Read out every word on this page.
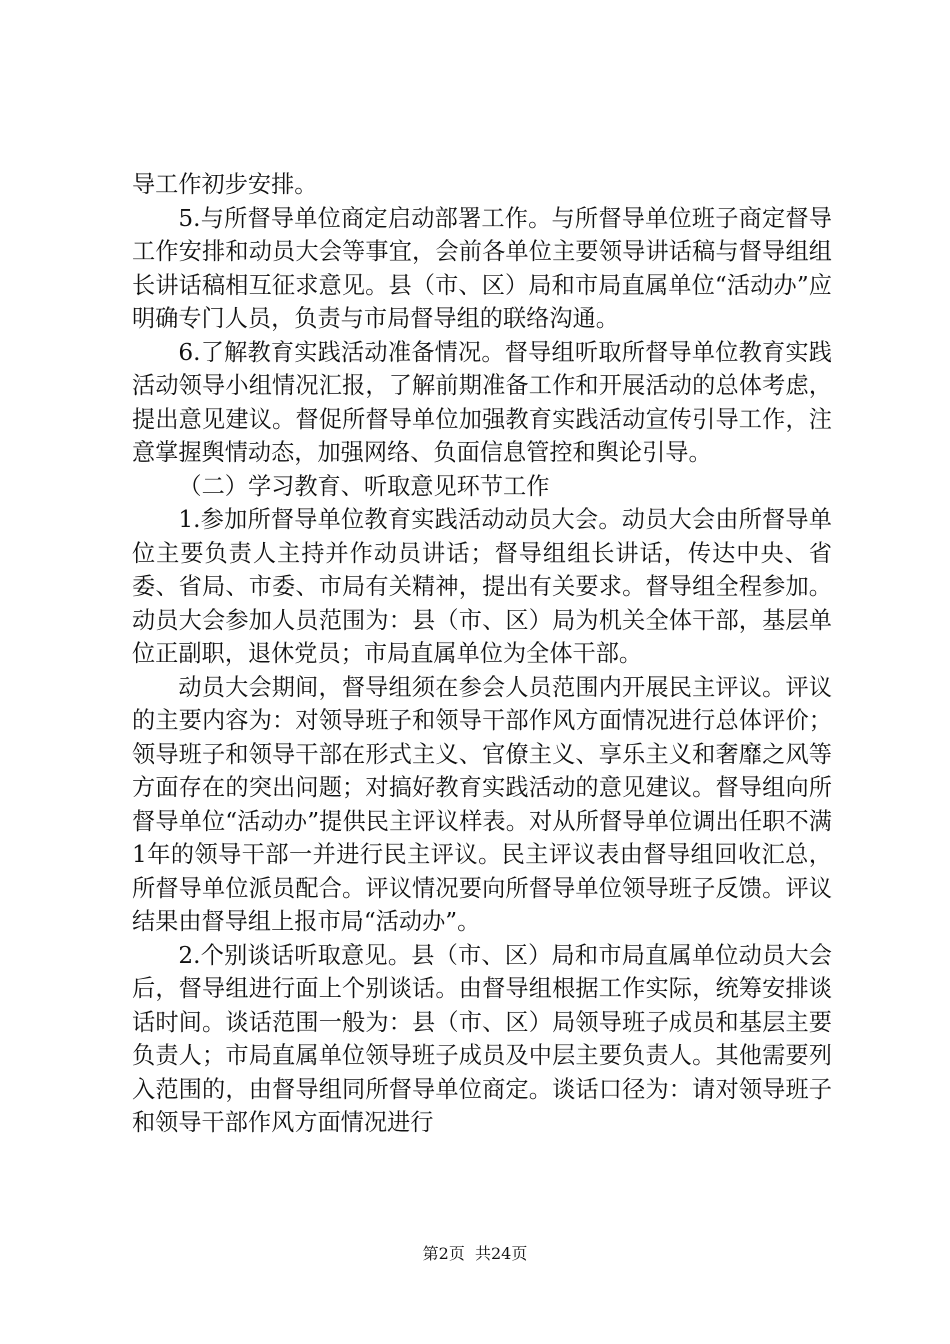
导工作初步安排。

5.与所督导单位商定启动部署工作。与所督导单位班子商定督导工作安排和动员大会等事宜，会前各单位主要领导讲话稿与督导组组长讲话稿相互征求意见。县（市、区）局和市局直属单位“活动办”应明确专门人员，负责与市局督导组的联络沟通。

6.了解教育实践活动准备情况。督导组听取所督导单位教育实践活动领导小组情况汇报，了解前期准备工作和开展活动的总体考虑，提出意见建议。督促所督导单位加强教育实践活动宣传引导工作，注意掌握舆情动态，加强网络、负面信息管控和舆论引导。

（二）学习教育、听取意见环节工作

1.参加所督导单位教育实践活动动员大会。动员大会由所督导单位主要负责人主持并作动员讲话；督导组组长讲话，传达中央、省委、省局、市委、市局有关精神，提出有关要求。督导组全程参加。动员大会参加人员范围为：县（市、区）局为机关全体干部，基层单位正副职，退休党员；市局直属单位为全体干部。

动员大会期间，督导组须在参会人员范围内开展民主评议。评议的主要内容为：对领导班子和领导干部作风方面情况进行总体评价；领导班子和领导干部在形式主义、官僚主义、享乐主义和奢靡之风等方面存在的突出问题；对搞好教育实践活动的意见建议。督导组向所督导单位“活动办”提供民主评议样表。对从所督导单位调出任职不满1年的领导干部一并进行民主评议。民主评议表由督导组回收汇总，所督导单位派员配合。评议情况要向所督导单位领导班子反馈。评议结果由督导组上报市局“活动办”。

2.个别谈话听取意见。县（市、区）局和市局直属单位动员大会后，督导组进行面上个别谈话。由督导组根据工作实际，统筹安排谈话时间。谈话范围一般为：县（市、区）局领导班子成员和基层主要负责人；市局直属单位领导班子成员及中层主要负责人。其他需要列入范围的，由督导组同所督导单位商定。谈话口径为：请对领导班子和领导干部作风方面情况进行

第2页  共24页
